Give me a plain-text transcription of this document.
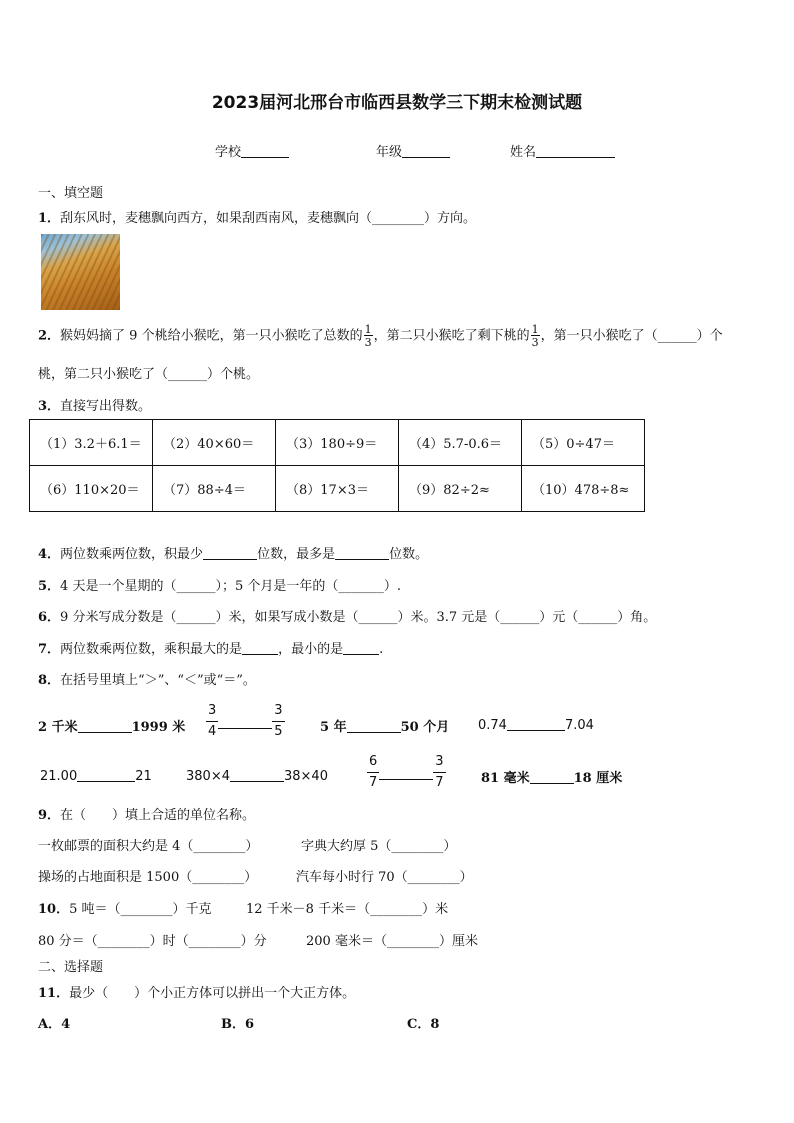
2023届河北邢台市临西县数学三下期末检测试题
学校	年级	姓名
一、填空题
1．刮东风时，麦穗飘向西方，如果刮西南风，麦穗飘向（________）方向。
2．猴妈妈摘了 9 个桃给小猴吃，第一只小猴吃了总数的 $\frac{1}{3}$ ，第二只小猴吃了剩下桃的 $\frac{1}{3}$ ，第一只小猴吃了（______）个
桃，第二只小猴吃了（______）个桃。
3．直接写出得数。
（1）3.2＋6.1＝	（2）40×60＝	（3）180÷9＝	（4）5.7-0.6＝	（5）0÷47＝
（6）110×20＝	（7）88÷4＝	（8）17×3＝	（9）82÷2≈	（10）478÷8≈
4．两位数乘两位数，积最少	位数，最多是	位数。
5．4 天是一个星期的（______）；5 个月是一年的（_______）.
6．9 分米写成分数是（______）米，如果写成小数是（______）米。3.7 元是（______）元（______）角。
7．两位数乘两位数，乘积最大的是	，最小的是	.
8．在括号里填上“＞”、“＜”或“＝”。
2 千米	1999 米 $\frac{3}{4}$	$\frac{3}{5}$	5 年	50 个月 0.74	7.04
21.00	21	380×4	38×40	$\frac{6}{7}$	$\frac{3}{7}$	81 毫米	18 厘米
9．在（　　）填上合适的单位名称。
一枚邮票的面积大约是 4（________）	字典大约厚 5（________）
操场的占地面积是 1500（________）	汽车每小时行 70（________）
10．5 吨＝（________）千克	12 千米－8 千米＝（________）米
80 分＝（________）时（________）分	200 毫米＝（________）厘米
二、选择题
11．最少（　　）个小正方体可以拼出一个大正方体。
A．4	B．6	C．8
